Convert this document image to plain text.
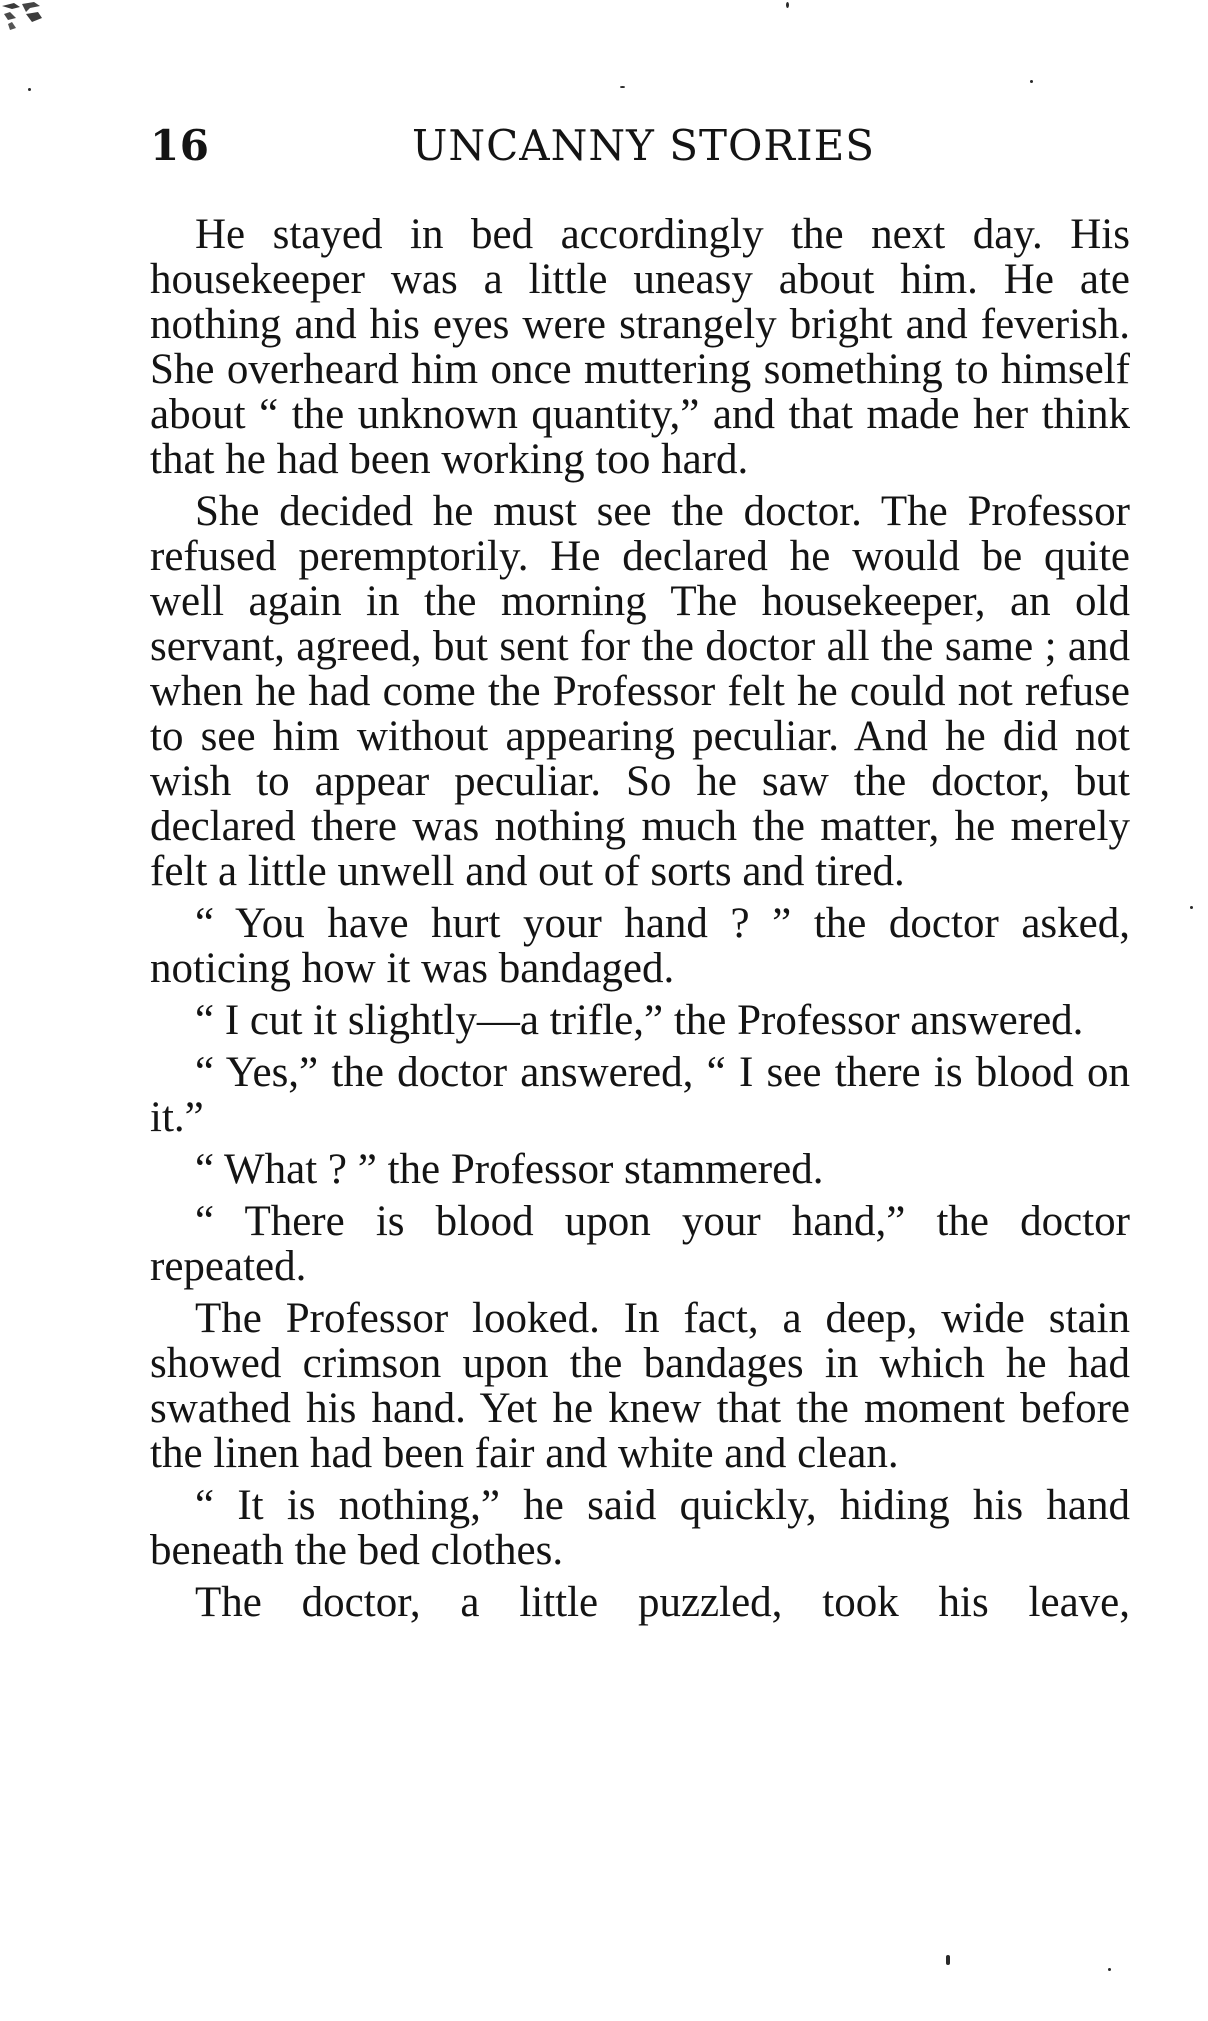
16	UNCANNY STORIES

He stayed in bed accordingly the next day. His housekeeper was a little uneasy about him. He ate nothing and his eyes were strangely bright and feverish. She overheard him once muttering something to himself about “ the unknown quantity,” and that made her think that he had been working too hard.

She decided he must see the doctor. The Professor refused peremptorily. He declared he would be quite well again in the morning The housekeeper, an old servant, agreed, but sent for the doctor all the same ; and when he had come the Professor felt he could not refuse to see him without appearing peculiar. And he did not wish to appear peculiar. So he saw the doctor, but declared there was nothing much the matter, he merely felt a little unwell and out of sorts and tired.

“ You have hurt your hand ? ” the doctor asked, noticing how it was bandaged.

“ I cut it slightly—a trifle,” the Professor answered.

“ Yes,” the doctor answered, “ I see there is blood on it.”

“ What ? ” the Professor stammered.

“ There is blood upon your hand,” the doctor repeated.

The Professor looked. In fact, a deep, wide stain showed crimson upon the bandages in which he had swathed his hand. Yet he knew that the moment before the linen had been fair and white and clean.

“ It is nothing,” he said quickly, hiding his hand beneath the bed clothes.

The doctor, a little puzzled, took his leave,
